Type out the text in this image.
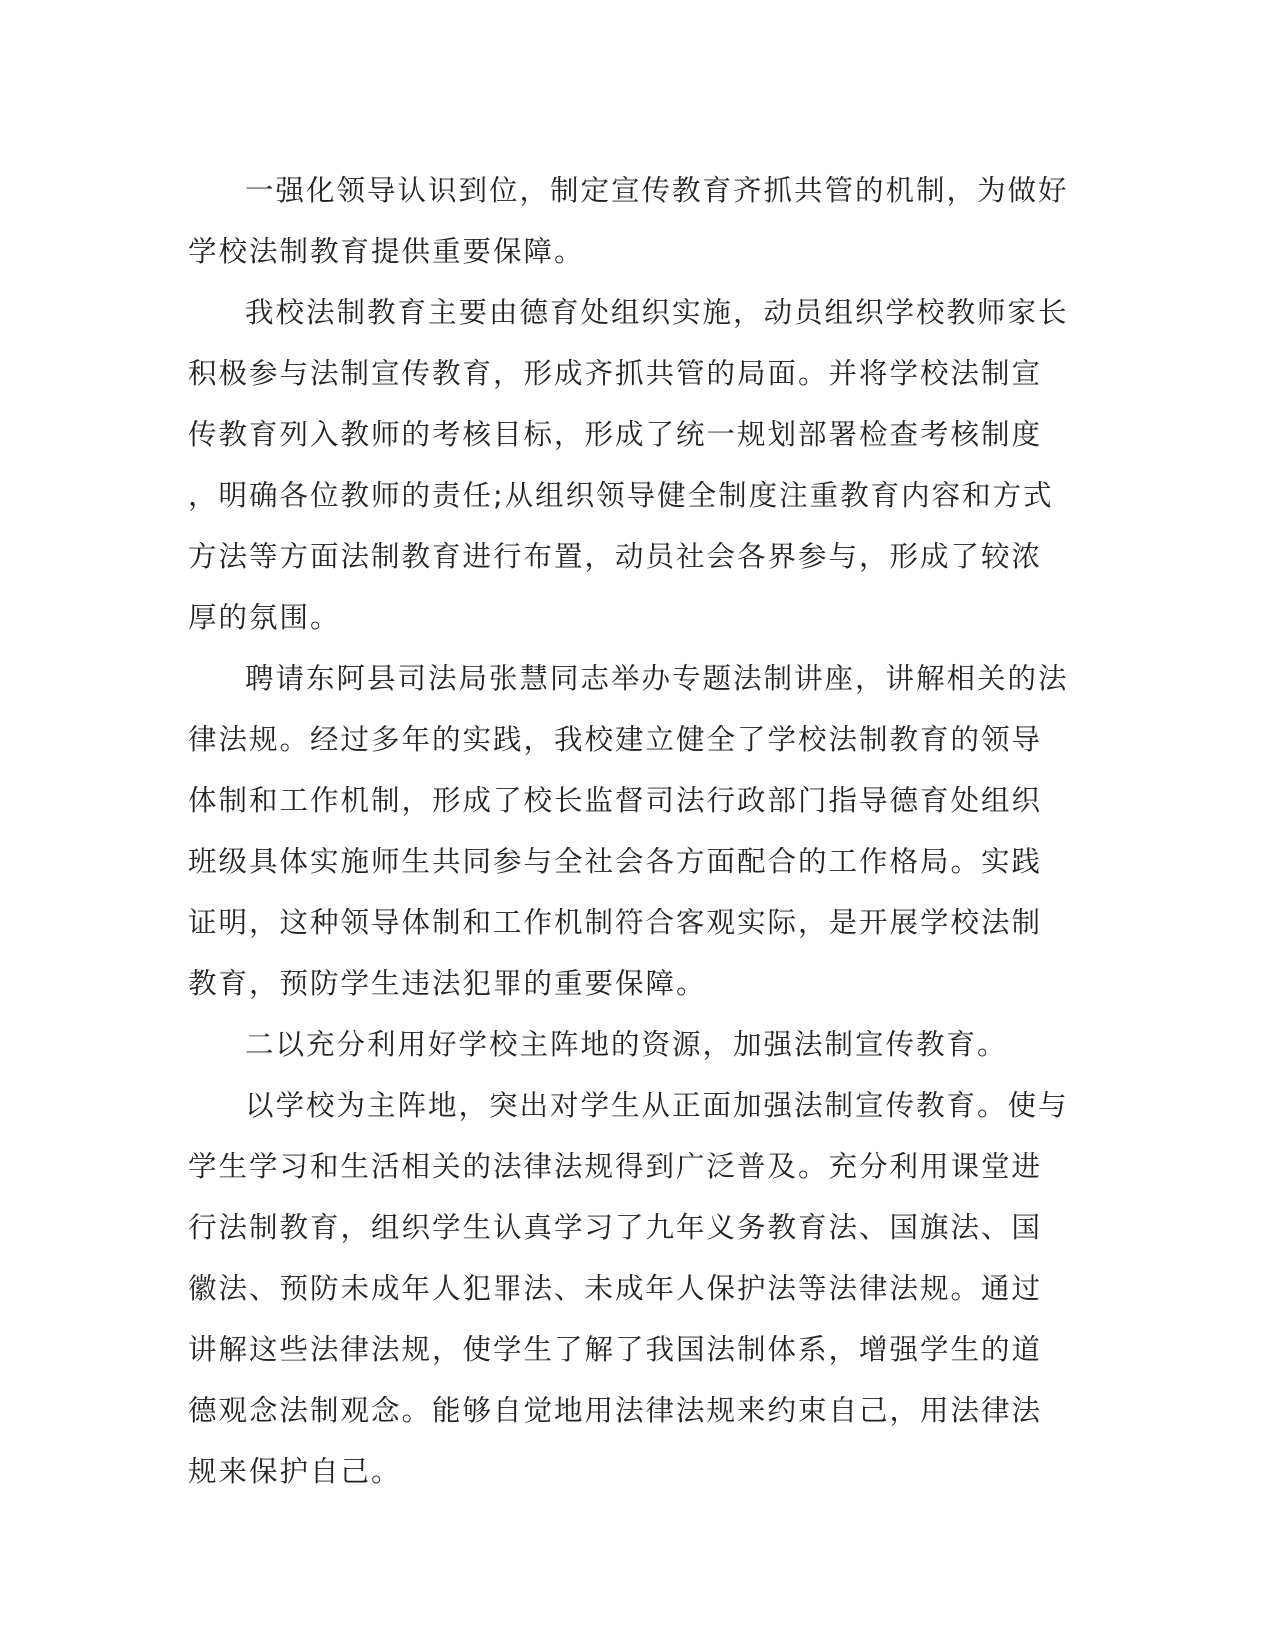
一强化领导认识到位，制定宣传教育齐抓共管的机制，为做好学校法制教育提供重要保障。

我校法制教育主要由德育处组织实施，动员组织学校教师家长积极参与法制宣传教育，形成齐抓共管的局面。并将学校法制宣传教育列入教师的考核目标，形成了统一规划部署检查考核制度，明确各位教师的责任;从组织领导健全制度注重教育内容和方式方法等方面法制教育进行布置，动员社会各界参与，形成了较浓厚的氛围。

聘请东阿县司法局张慧同志举办专题法制讲座，讲解相关的法律法规。经过多年的实践，我校建立健全了学校法制教育的领导体制和工作机制，形成了校长监督司法行政部门指导德育处组织班级具体实施师生共同参与全社会各方面配合的工作格局。实践证明，这种领导体制和工作机制符合客观实际，是开展学校法制教育，预防学生违法犯罪的重要保障。

二以充分利用好学校主阵地的资源，加强法制宣传教育。

以学校为主阵地，突出对学生从正面加强法制宣传教育。使与学生学习和生活相关的法律法规得到广泛普及。充分利用课堂进行法制教育，组织学生认真学习了九年义务教育法、国旗法、国徽法、预防未成年人犯罪法、未成年人保护法等法律法规。通过讲解这些法律法规，使学生了解了我国法制体系，增强学生的道德观念法制观念。能够自觉地用法律法规来约束自己，用法律法规来保护自己。
